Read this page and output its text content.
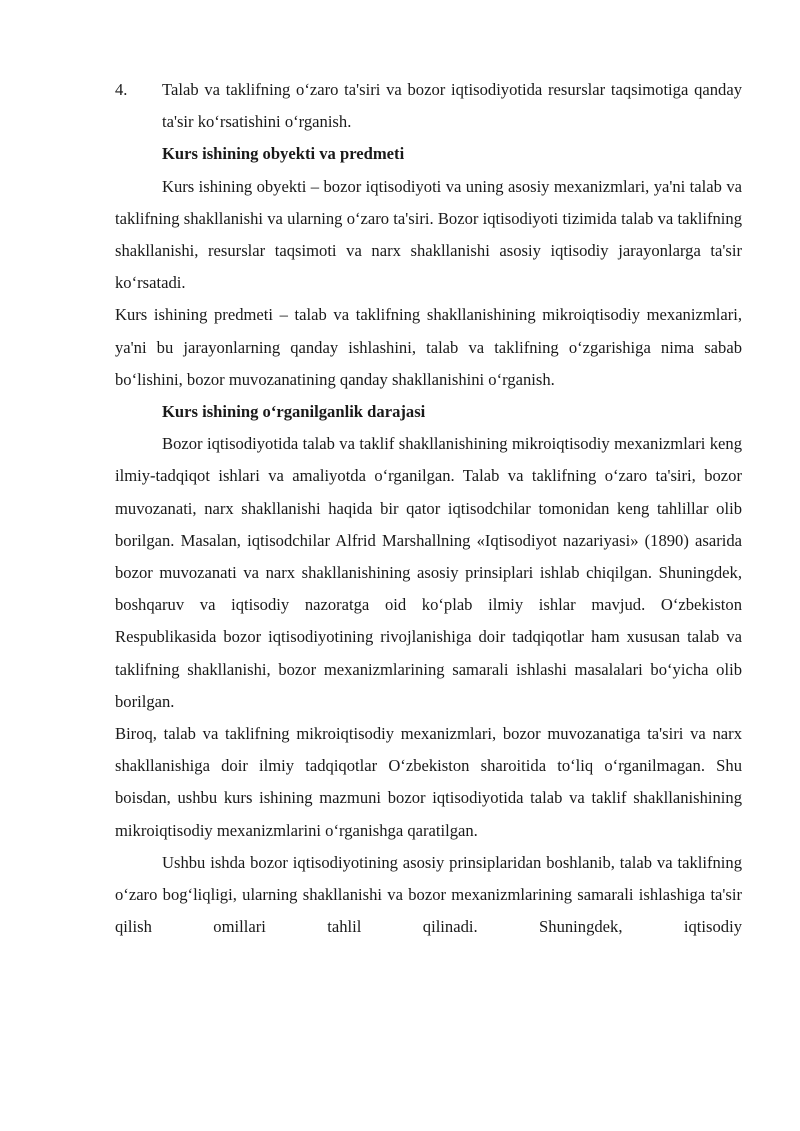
4.	Talab va taklifning oʻzaro ta'siri va bozor iqtisodiyotida resurslar taqsimotiga qanday ta'sir koʻrsatishini oʻrganish.

Kurs ishining obyekti va predmeti

Kurs ishining obyekti – bozor iqtisodiyoti va uning asosiy mexanizmlari, ya'ni talab va taklifning shakllanishi va ularning oʻzaro ta'siri. Bozor iqtisodiyoti tizimida talab va taklifning shakllanishi, resurslar taqsimoti va narx shakllanishi asosiy iqtisodiy jarayonlarga ta'sir koʻrsatadi.

Kurs ishining predmeti – talab va taklifning shakllanishining mikroiqtisodiy mexanizmlari, ya'ni bu jarayonlarning qanday ishlashini, talab va taklifning oʻzgarishiga nima sabab boʻlishini, bozor muvozanatining qanday shakllanishini oʻrganish.

Kurs ishining oʻrganilganlik darajasi

Bozor iqtisodiyotida talab va taklif shakllanishining mikroiqtisodiy mexanizmlari keng ilmiy-tadqiqot ishlari va amaliyotda oʻrganilgan. Talab va taklifning oʻzaro ta'siri, bozor muvozanati, narx shakllanishi haqida bir qator iqtisodchilar tomonidan keng tahlillar olib borilgan. Masalan, iqtisodchilar Alfrid Marshallning «Iqtisodiyot nazariyasi» (1890) asarida bozor muvozanati va narx shakllanishining asosiy prinsiplari ishlab chiqilgan. Shuningdek, boshqaruv va iqtisodiy nazoratga oid koʻplab ilmiy ishlar mavjud. Oʻzbekiston Respublikasida bozor iqtisodiyotining rivojlanishiga doir tadqiqotlar ham xususan talab va taklifning shakllanishi, bozor mexanizmlarining samarali ishlashi masalalari boʻyicha olib borilgan.

Biroq, talab va taklifning mikroiqtisodiy mexanizmlari, bozor muvozanatiga ta'siri va narx shakllanishiga doir ilmiy tadqiqotlar Oʻzbekiston sharoitida toʻliq oʻrganilmagan. Shu boisdan, ushbu kurs ishining mazmuni bozor iqtisodiyotida talab va taklif shakllanishining mikroiqtisodiy mexanizmlarini oʻrganishga qaratilgan.

Ushbu ishda bozor iqtisodiyotining asosiy prinsiplaridan boshlanib, talab va taklifning oʻzaro bogʻliqligi, ularning shakllanishi va bozor mexanizmlarining samarali ishlashiga ta'sir qilish omillari tahlil qilinadi. Shuningdek, iqtisodiy
